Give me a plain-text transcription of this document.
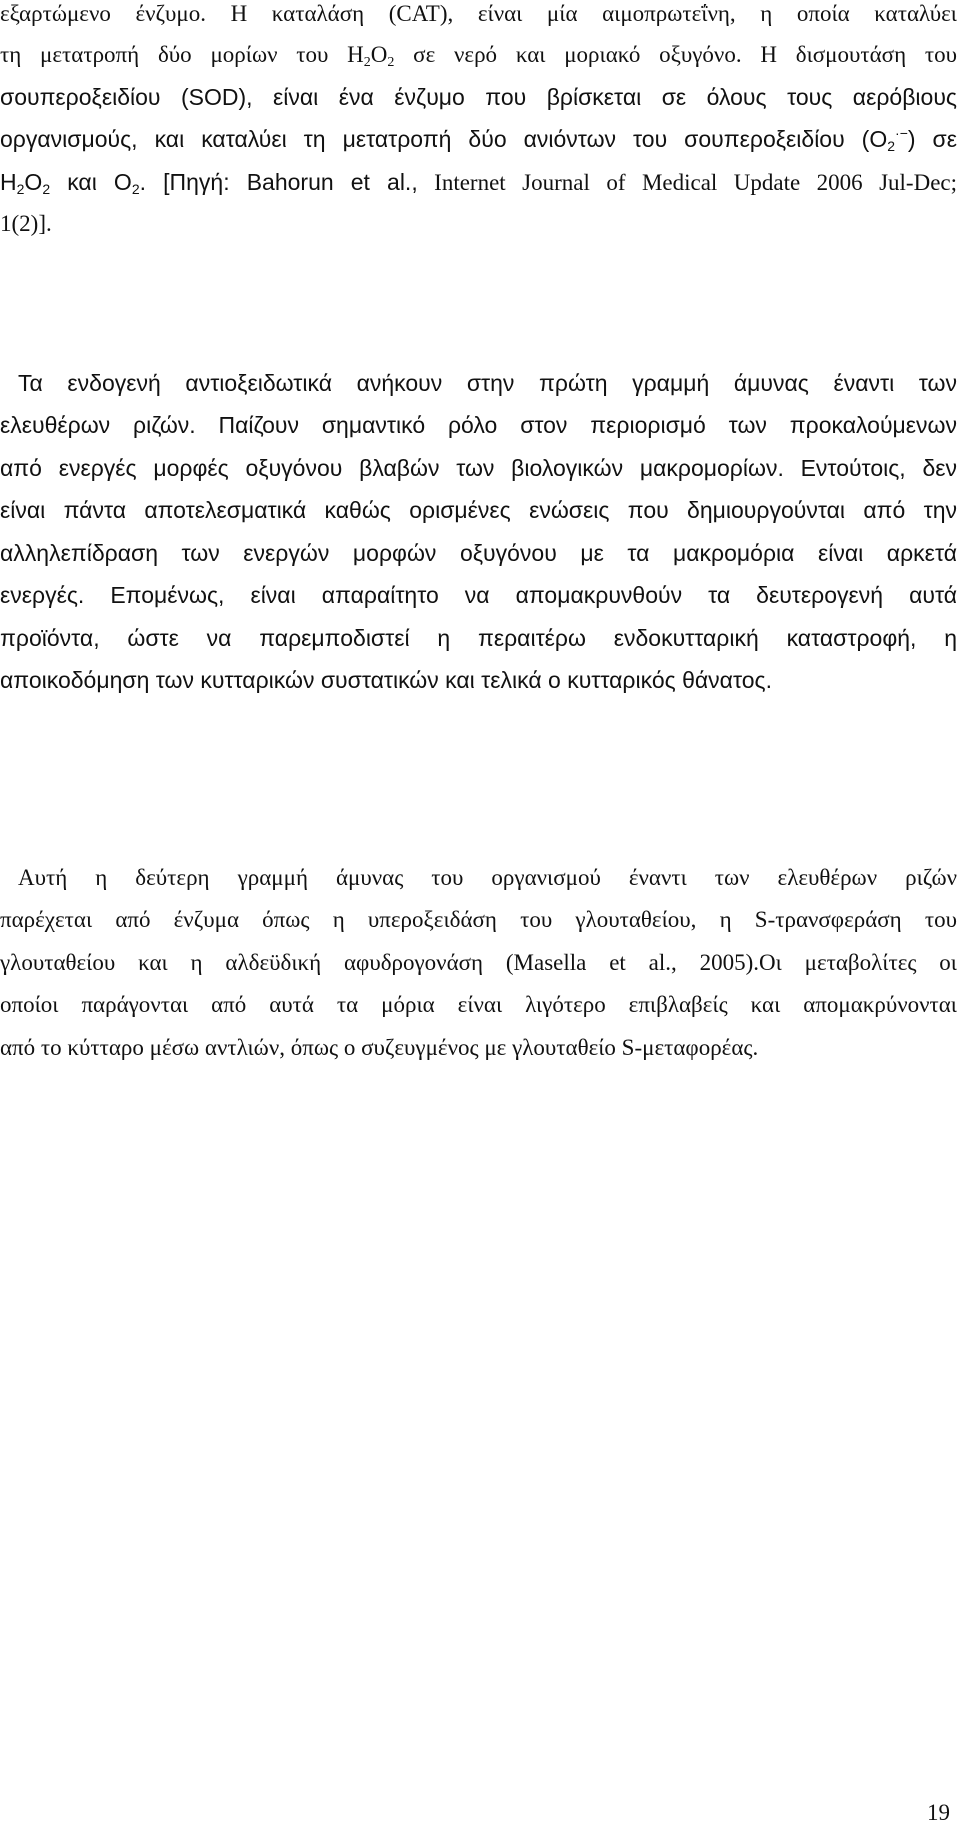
εξαρτώμενο ένζυμο. Η καταλάση (CAT), είναι μία αιμοπρωτεΐνη, η οποία καταλύει
τη μετατροπή δύο μορίων του $H_2O_2$ σε νερό και μοριακό οξυγόνο. Η δισμουτάση του
σουπεροξειδίου (SOD), είναι ένα ένζυμο που βρίσκεται σε όλους τους αερόβιους
οργανισμούς, και καταλύει τη μετατροπή δύο ανιόντων του σουπεροξειδίου $(O_2^{\cdot-})$ σε
$H_2O_2$ και $O_2$. [Πηγή: Bahorun et al., Internet Journal of Medical Update 2006 Jul-Dec;
1(2)].
Τα ενδογενή αντιοξειδωτικά ανήκουν στην πρώτη γραμμή άμυνας έναντι των
ελευθέρων ριζών. Παίζουν σημαντικό ρόλο στον περιορισμό των προκαλούμενων
από ενεργές μορφές οξυγόνου βλαβών των βιολογικών μακρομορίων. Εντούτοις, δεν
είναι πάντα αποτελεσματικά καθώς ορισμένες ενώσεις που δημιουργούνται από την
αλληλεπίδραση των ενεργών μορφών οξυγόνου με τα μακρομόρια είναι αρκετά
ενεργές. Επομένως, είναι απαραίτητο να απομακρυνθούν τα δευτερογενή αυτά
προϊόντα, ώστε να παρεμποδιστεί η περαιτέρω ενδοκυτταρική καταστροφή, η
αποικοδόμηση των κυτταρικών συστατικών και τελικά ο κυτταρικός θάνατος.
Αυτή η δεύτερη γραμμή άμυνας του οργανισμού έναντι των ελευθέρων ριζών
παρέχεται από ένζυμα όπως η υπεροξειδάση του γλουταθείου, η S-τρανσφεράση του
γλουταθείου και η αλδεϋδική αφυδρογονάση (Masella et al., 2005).Οι μεταβολίτες οι
οποίοι παράγονται από αυτά τα μόρια είναι λιγότερο επιβλαβείς και απομακρύνονται
από το κύτταρο μέσω αντλιών, όπως ο συζευγμένος με γλουταθείο S-μεταφορέας.
19
